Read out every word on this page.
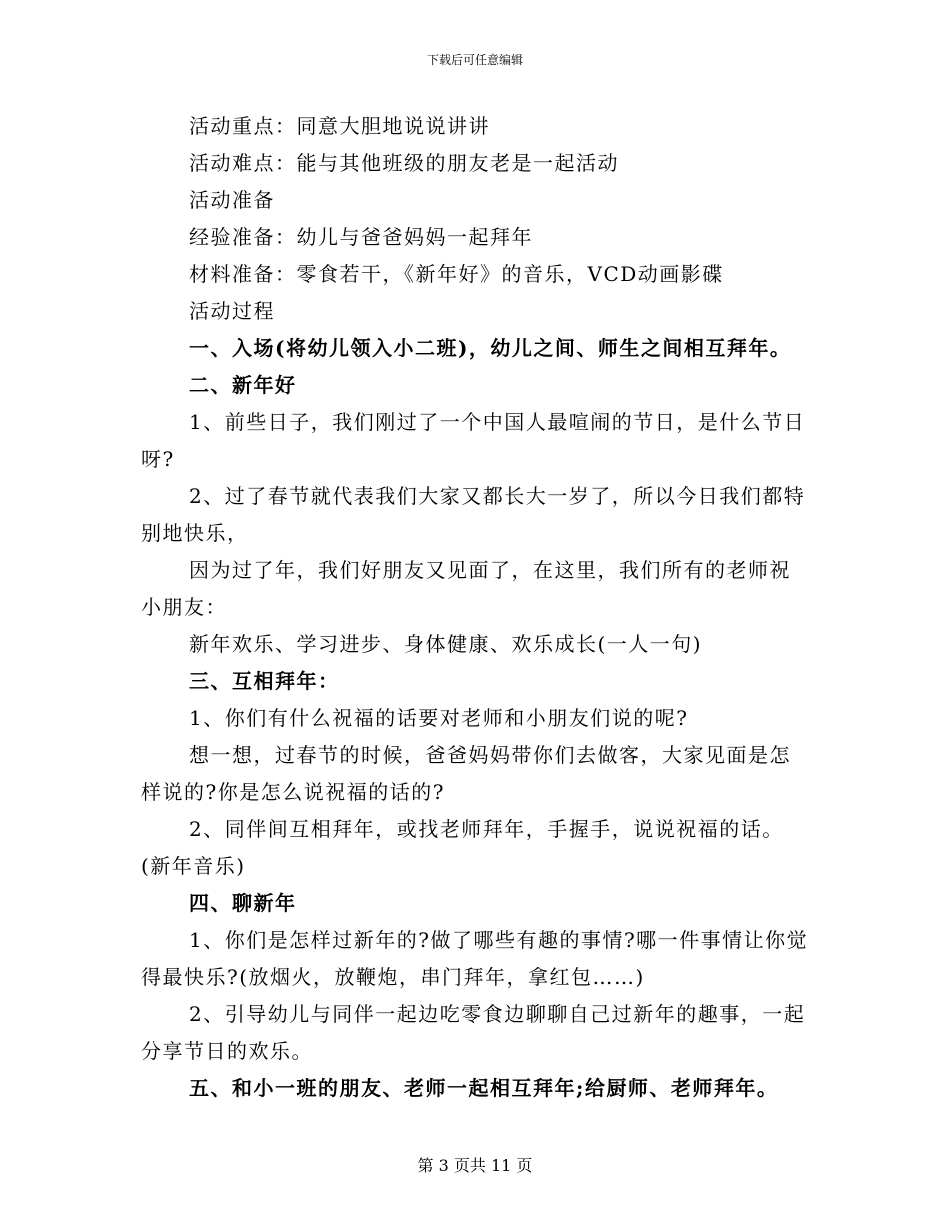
下载后可任意编辑
活动重点：同意大胆地说说讲讲
活动难点：能与其他班级的朋友老是一起活动
活动准备
经验准备：幼儿与爸爸妈妈一起拜年
材料准备：零食若干，《新年好》的音乐，VCD动画影碟
活动过程
一、入场(将幼儿领入小二班)，幼儿之间、师生之间相互拜年。
二、新年好
1、前些日子，我们刚过了一个中国人最喧闹的节日，是什么节日
呀?
2、过了春节就代表我们大家又都长大一岁了，所以今日我们都特
别地快乐，
因为过了年，我们好朋友又见面了，在这里，我们所有的老师祝
小朋友：
新年欢乐、学习进步、身体健康、欢乐成长(一人一句)
三、互相拜年：
1、你们有什么祝福的话要对老师和小朋友们说的呢?
想一想，过春节的时候，爸爸妈妈带你们去做客，大家见面是怎
样说的?你是怎么说祝福的话的?
2、同伴间互相拜年，或找老师拜年，手握手，说说祝福的话。
(新年音乐)
四、聊新年
1、你们是怎样过新年的?做了哪些有趣的事情?哪一件事情让你觉
得最快乐?(放烟火，放鞭炮，串门拜年，拿红包……)
2、引导幼儿与同伴一起边吃零食边聊聊自己过新年的趣事，一起
分享节日的欢乐。
五、和小一班的朋友、老师一起相互拜年;给厨师、老师拜年。
第 3 页共 11 页
